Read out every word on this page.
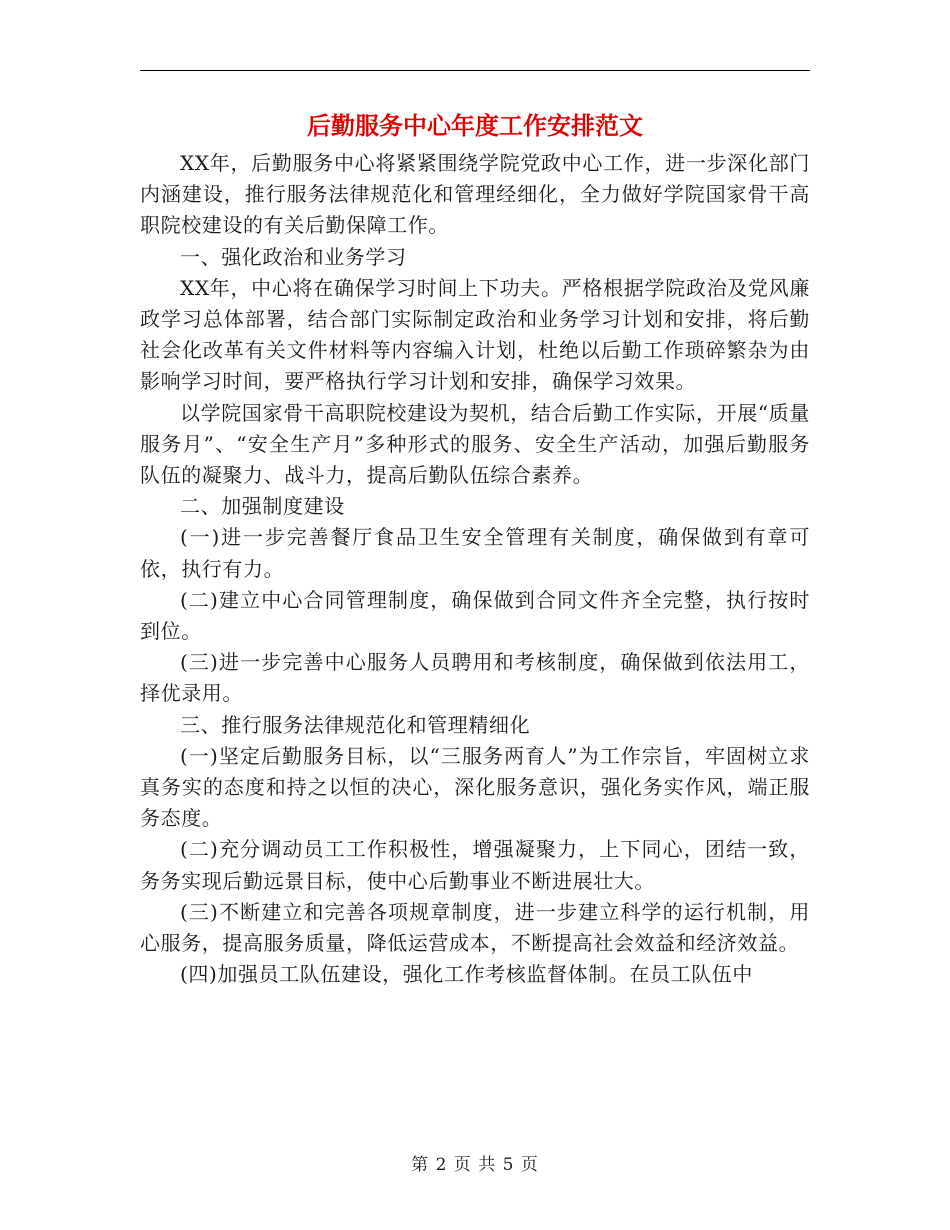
后勤服务中心年度工作安排范文

XX年，后勤服务中心将紧紧围绕学院党政中心工作，进一步深化部门内涵建设，推行服务法律规范化和管理经细化，全力做好学院国家骨干高职院校建设的有关后勤保障工作。

一、强化政治和业务学习

XX年，中心将在确保学习时间上下功夫。严格根据学院政治及党风廉政学习总体部署，结合部门实际制定政治和业务学习计划和安排，将后勤社会化改革有关文件材料等内容编入计划，杜绝以后勤工作琐碎繁杂为由影响学习时间，要严格执行学习计划和安排，确保学习效果。

以学院国家骨干高职院校建设为契机，结合后勤工作实际，开展“质量服务月”、“安全生产月”多种形式的服务、安全生产活动，加强后勤服务队伍的凝聚力、战斗力，提高后勤队伍综合素养。

二、加强制度建设

(一)进一步完善餐厅食品卫生安全管理有关制度，确保做到有章可依，执行有力。

(二)建立中心合同管理制度，确保做到合同文件齐全完整，执行按时到位。

(三)进一步完善中心服务人员聘用和考核制度，确保做到依法用工，择优录用。

三、推行服务法律规范化和管理精细化

(一)坚定后勤服务目标，以“三服务两育人”为工作宗旨，牢固树立求真务实的态度和持之以恒的决心，深化服务意识，强化务实作风，端正服务态度。

(二)充分调动员工工作积极性，增强凝聚力，上下同心，团结一致，务务实现后勤远景目标，使中心后勤事业不断进展壮大。

(三)不断建立和完善各项规章制度，进一步建立科学的运行机制，用心服务，提高服务质量，降低运营成本，不断提高社会效益和经济效益。

(四)加强员工队伍建设，强化工作考核监督体制。在员工队伍中

第 2 页 共 5 页
